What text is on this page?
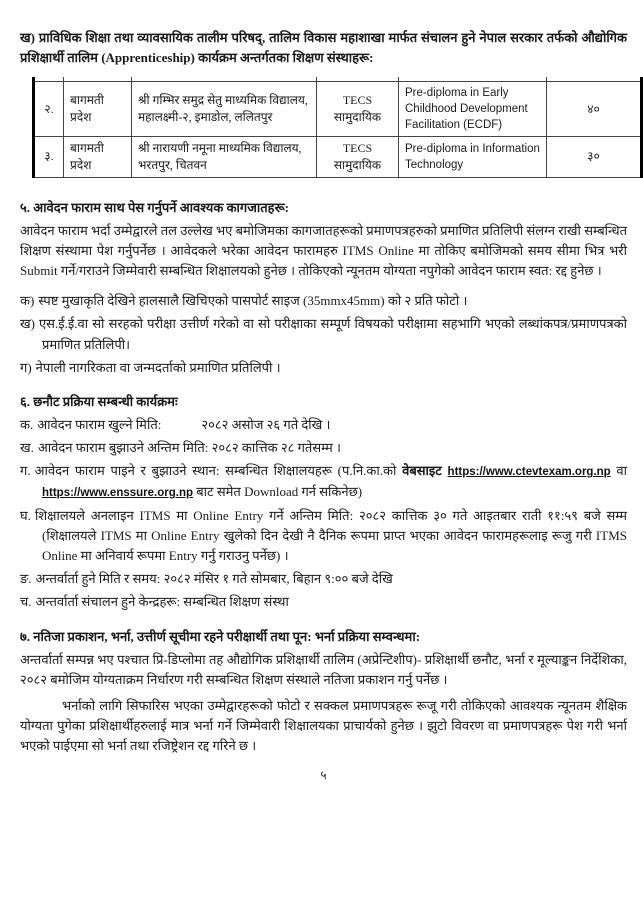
ख) प्राविधिक शिक्षा तथा व्यावसायिक तालीम परिषद्, तालिम विकास महाशाखा मार्फत संचालन हुने नेपाल सरकार तर्फको औद्योगिक प्रशिक्षार्थी तालिम (Apprenticeship) कार्यक्रम अन्तर्गतका शिक्षण संस्थाहरू:

२.	बागमती प्रदेश	श्री गम्भिर समुद्र सेतु माध्यमिक विद्यालय, महालक्ष्मी-२, इमाडोल, ललितपुर	TECS सामुदायिक	Pre-diploma in Early Childhood Development Facilitation (ECDF)	४०
३.	बागमती प्रदेश	श्री नारायणी नमूना माध्यमिक विद्यालय, भरतपुर, चितवन	TECS सामुदायिक	Pre-diploma in Information Technology	३०

५. आवेदन फाराम साथ पेस गर्नुपर्ने आवश्यक कागजातहरू:

आवेदन फाराम भर्दा उम्मेद्वारले तल उल्लेख भए बमोजिमका कागजातहरूको प्रमाणपत्रहरुको प्रमाणित प्रतिलिपी संलग्न राखी सम्बन्धित शिक्षण संस्थामा पेश गर्नुपर्नेछ । आवेदकले भरेका आवेदन फारामहरु ITMS Online मा तोकिए बमोजिमको समय सीमा भित्र भरी Submit गर्ने/गराउने जिम्मेवारी सम्बन्धित शिक्षालयको हुनेछ । तोकिएको न्यूनतम योग्यता नपुगेको आवेदन फाराम स्वत: रद्द हुनेछ ।

क) स्पष्ट मुखाकृति देखिने हालसालै खिचिएको पासपोर्ट साइज (35mmx45mm) को २ प्रति फोटो ।

ख) एस.ई.ई.वा सो सरहको परीक्षा उत्तीर्ण गरेको वा सो परीक्षाका सम्पूर्ण विषयको परीक्षामा सहभागि भएको लब्धांकपत्र/प्रमाणपत्रको प्रमाणित प्रतिलिपी।

ग) नेपाली नागरिकता वा जन्मदर्ताको प्रमाणित प्रतिलिपी ।

६. छनौट प्रक्रिया सम्बन्धी कार्यक्रमः

क. आवेदन फाराम खुल्ने मिति:	२०८२ असोज २६ गते देखि ।

ख. आवेदन फाराम बुझाउने अन्तिम मिति: २०८२ कात्तिक २८ गतेसम्म ।

ग. आवेदन फाराम पाइने र बुझाउने स्थान: सम्बन्धित शिक्षालयहरू (प.नि.का.को वेबसाइट https://www.ctevtexam.org.np वा https://www.enssure.org.np बाट समेत Download गर्न सकिनेछ)

घ. शिक्षालयले अनलाइन ITMS मा Online Entry गर्ने अन्तिम मिति: २०८२ कात्तिक ३० गते आइतबार राती ११:५९ बजे सम्म (शिक्षालयले ITMS मा Online Entry खुलेको दिन देखी नै दैनिक रूपमा प्राप्त भएका आवेदन फारामहरूलाइ रूजु गरी ITMS Online मा अनिवार्य रूपमा Entry गर्नु गराउनु पर्नेछ) ।

ङ. अन्तर्वार्ता हुने मिति र समय: २०८२ मंसिर १ गते सोमबार, बिहान ९:०० बजे देखि

च. अन्तर्वार्ता संचालन हुने केन्द्रहरू: सम्बन्धित शिक्षण संस्था

७. नतिजा प्रकाशन, भर्ना, उत्तीर्ण सूचीमा रहने परीक्षार्थी तथा पून: भर्ना प्रक्रिया सम्वन्धमा:

अन्तर्वार्ता सम्पन्न भए पश्चात प्रि-डिप्लोमा तह औद्योगिक प्रशिक्षार्थी तालिम (अप्रेन्टिशीप)- प्रशिक्षार्थी छनौट, भर्ना र मूल्याङ्कन निर्देशिका, २०८२ बमोजिम योग्यताक्रम निर्धारण गरी सम्बन्धित शिक्षण संस्थाले नतिजा प्रकाशन गर्नु पर्नेछ ।

भर्नाको लागि सिफारिस भएका उम्मेद्वारहरूको फोटो र सक्कल प्रमाणपत्रहरू रूजू गरी तोकिएको आवश्यक न्यूनतम शैक्षिक योग्यता पुगेका प्रशिक्षार्थीहरुलाई मात्र भर्ना गर्ने जिम्मेवारी शिक्षालयका प्राचार्यको हुनेछ । झुटो विवरण वा प्रमाणपत्रहरू पेश गरी भर्ना भएको पाईएमा सो भर्ना तथा रजिष्ट्रेशन रद्द गरिने छ ।

५
